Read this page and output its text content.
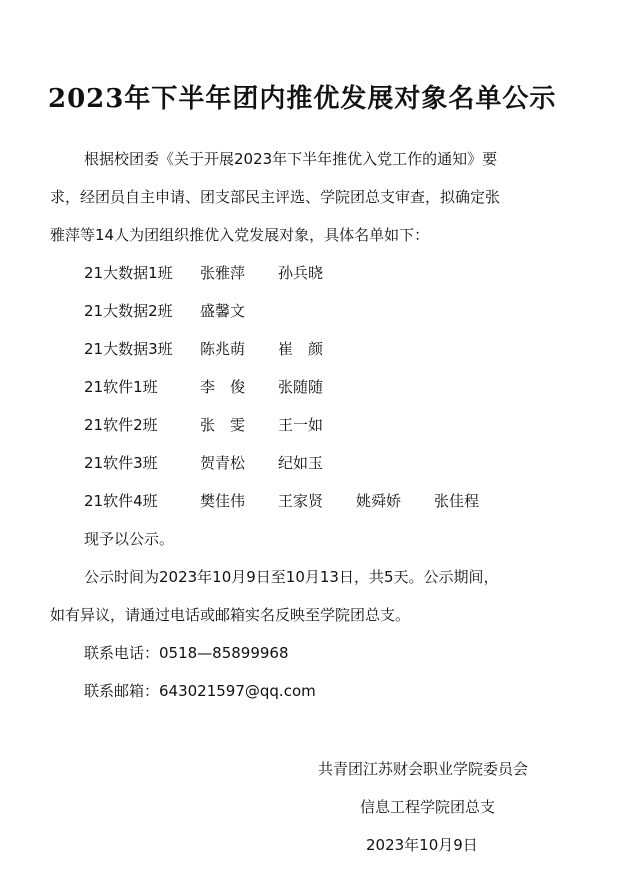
2023年下半年团内推优发展对象名单公示
根据校团委《关于开展2023年下半年推优入党工作的通知》要
求，经团员自主申请、团支部民主评选、学院团总支审查，拟确定张
雅萍等14人为团组织推优入党发展对象，具体名单如下：
21大数据1班 张雅萍 孙兵晓
21大数据2班 盛馨文
21大数据3班 陈兆萌 崔　颜
21软件1班	李　俊 张随随
21软件2班	张　雯 王一如
21软件3班	贺青松 纪如玉
21软件4班	樊佳伟 王家贤 姚舜娇 张佳程
现予以公示。
公示时间为2023年10月9日至10月13日，共5天。公示期间，
如有异议，请通过电话或邮箱实名反映至学院团总支。
联系电话：0518—85899968
联系邮箱：643021597@qq.com
共青团江苏财会职业学院委员会
信息工程学院团总支
2023年10月9日
